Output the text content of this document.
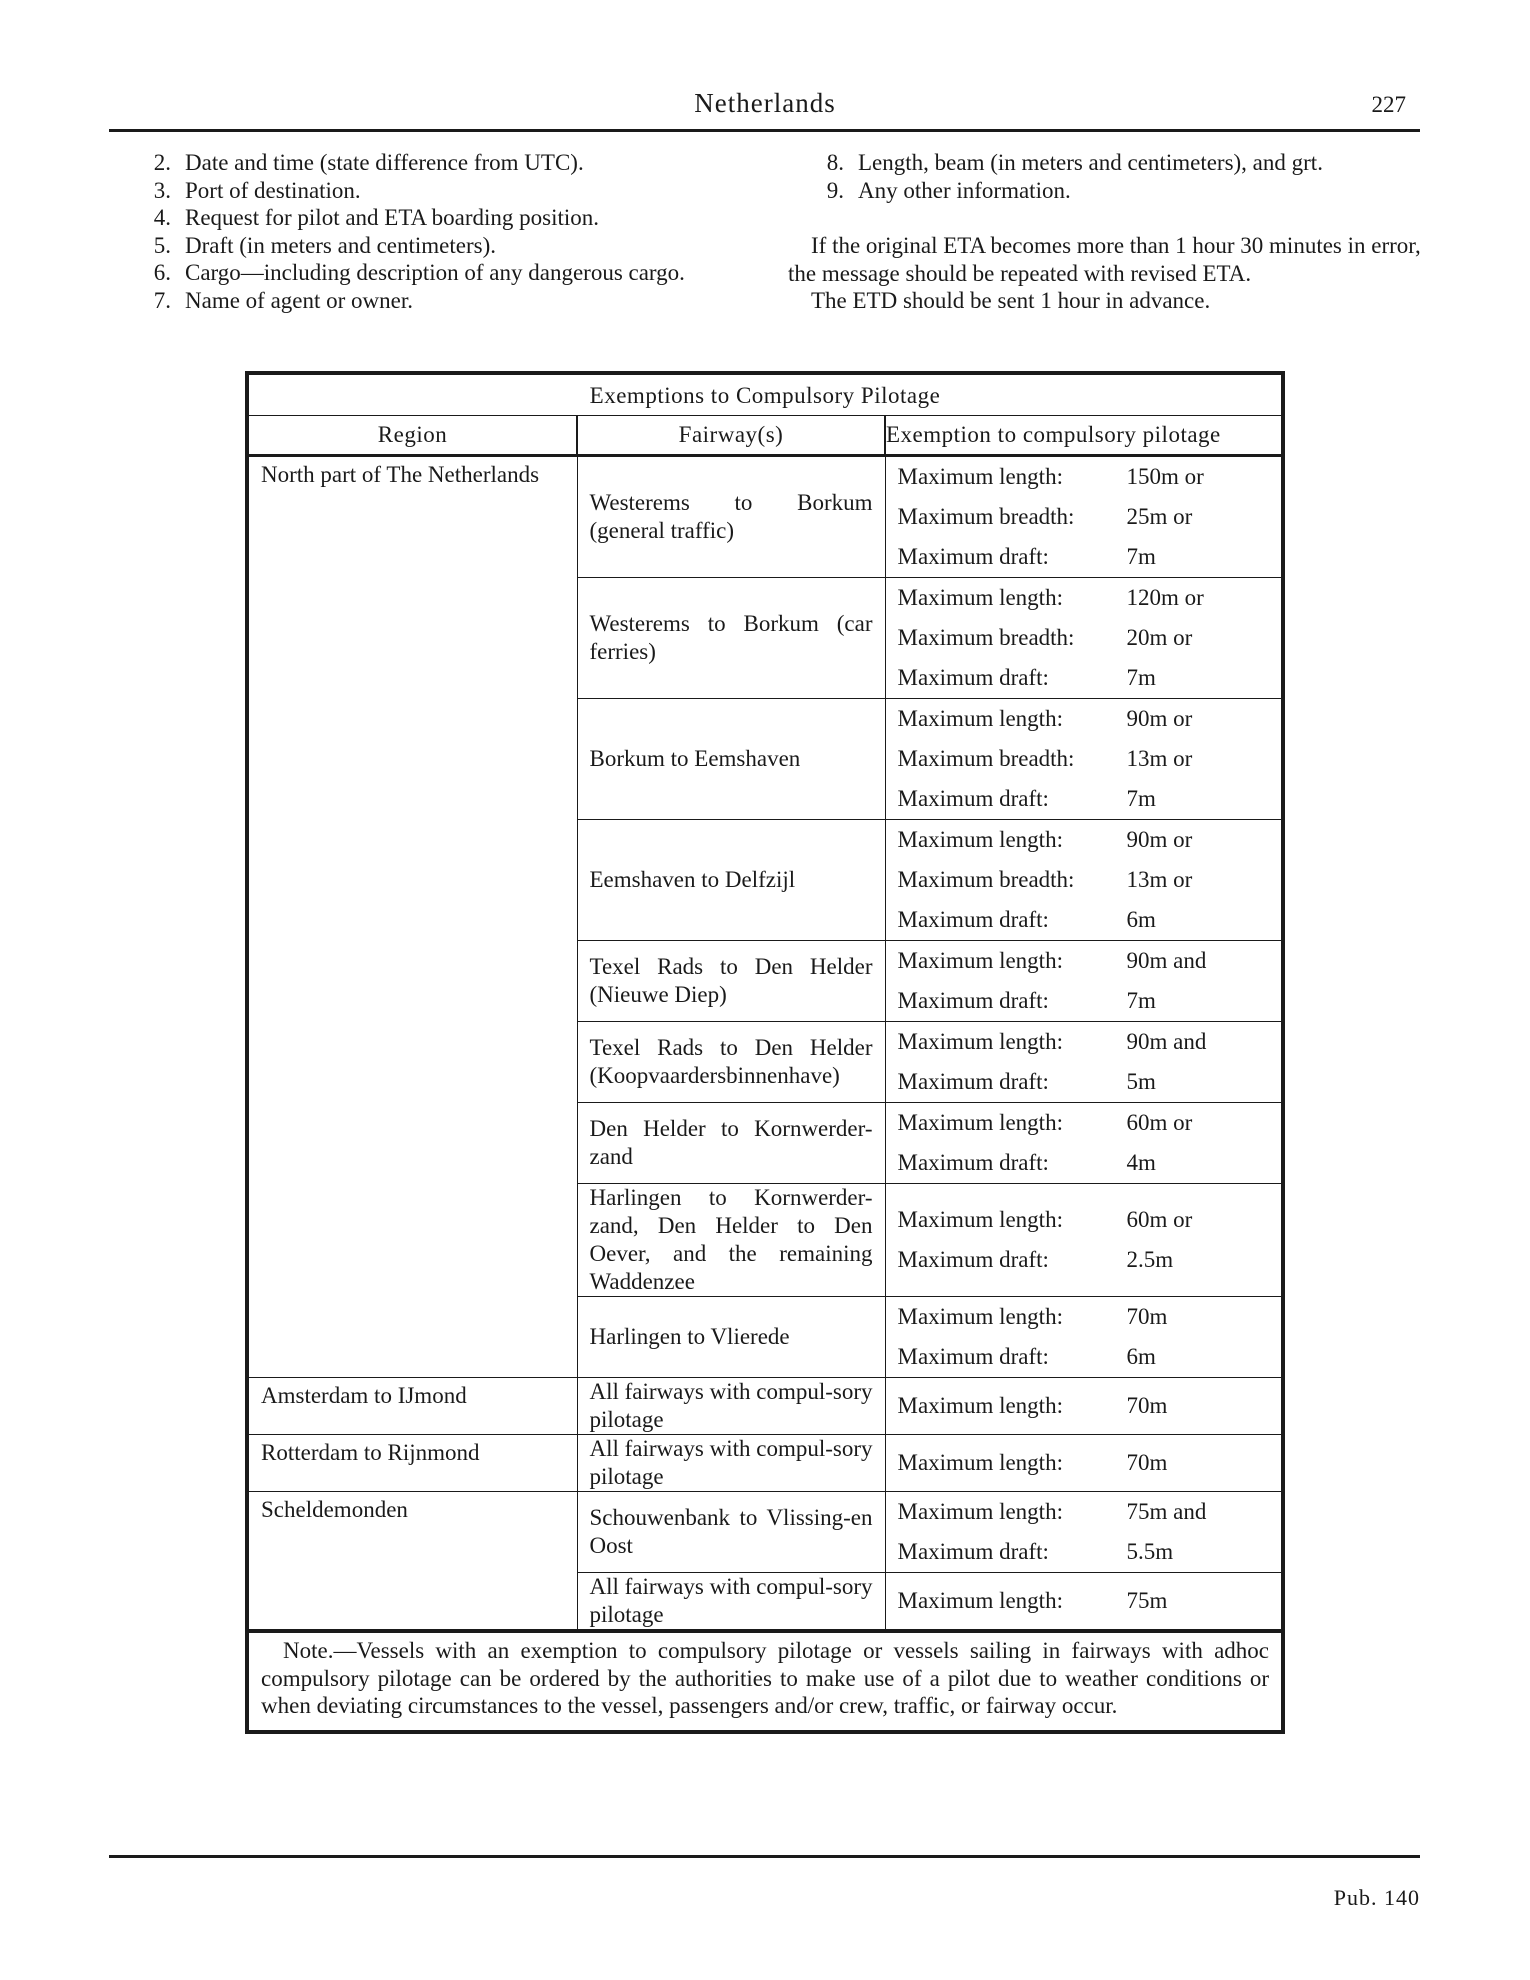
Netherlands	227
2. Date and time (state difference from UTC).
3. Port of destination.
4. Request for pilot and ETA boarding position.
5. Draft (in meters and centimeters).
6. Cargo—including description of any dangerous cargo.
7. Name of agent or owner.
8. Length, beam (in meters and centimeters), and grt.
9. Any other information.
If the original ETA becomes more than 1 hour 30 minutes in error, the message should be repeated with revised ETA.
The ETD should be sent 1 hour in advance.
Exemptions to Compulsory Pilotage
Region	Fairway(s)	Exemption to compulsory pilotage
North part of The Netherlands	Westerems to Borkum (general traffic)	
Maximum length:	150m or
Maximum breadth:	25m or
Maximum draft:	7m

Westerems to Borkum (car ferries)	
Maximum length:	120m or
Maximum breadth:	20m or
Maximum draft:	7m

Borkum to Eemshaven	
Maximum length:	90m or
Maximum breadth:	13m or
Maximum draft:	7m

Eemshaven to Delfzijl	
Maximum length:	90m or
Maximum breadth:	13m or
Maximum draft:	6m

Texel Rads to Den Helder (Nieuwe Diep)	
Maximum length:	90m and
Maximum draft:	7m

Texel Rads to Den Helder (Koopvaardersbinnenhave)	
Maximum length:	90m and
Maximum draft:	5m

Den Helder to Kornwerder-zand	
Maximum length:	60m or
Maximum draft:	4m

Harlingen to Kornwerder-zand, Den Helder to Den Oever, and the remaining Waddenzee	
Maximum length:	60m or
Maximum draft:	2.5m

Harlingen to Vlierede	
Maximum length:	70m
Maximum draft:	6m

Amsterdam to IJmond	All fairways with compul-sory pilotage	
Maximum length:	70m

Rotterdam to Rijnmond	All fairways with compul-sory pilotage	
Maximum length:	70m

Scheldemonden	Schouwenbank to Vlissing-en Oost	
Maximum length:	75m and
Maximum draft:	5.5m

All fairways with compul-sory pilotage	
Maximum length:	75m

Note.—Vessels with an exemption to compulsory pilotage or vessels sailing in fairways with adhoc compulsory pilotage can be ordered by the authorities to make use of a pilot due to weather conditions or when deviating circumstances to the vessel, passengers and/or crew, traffic, or fairway occur.
Pub. 140
